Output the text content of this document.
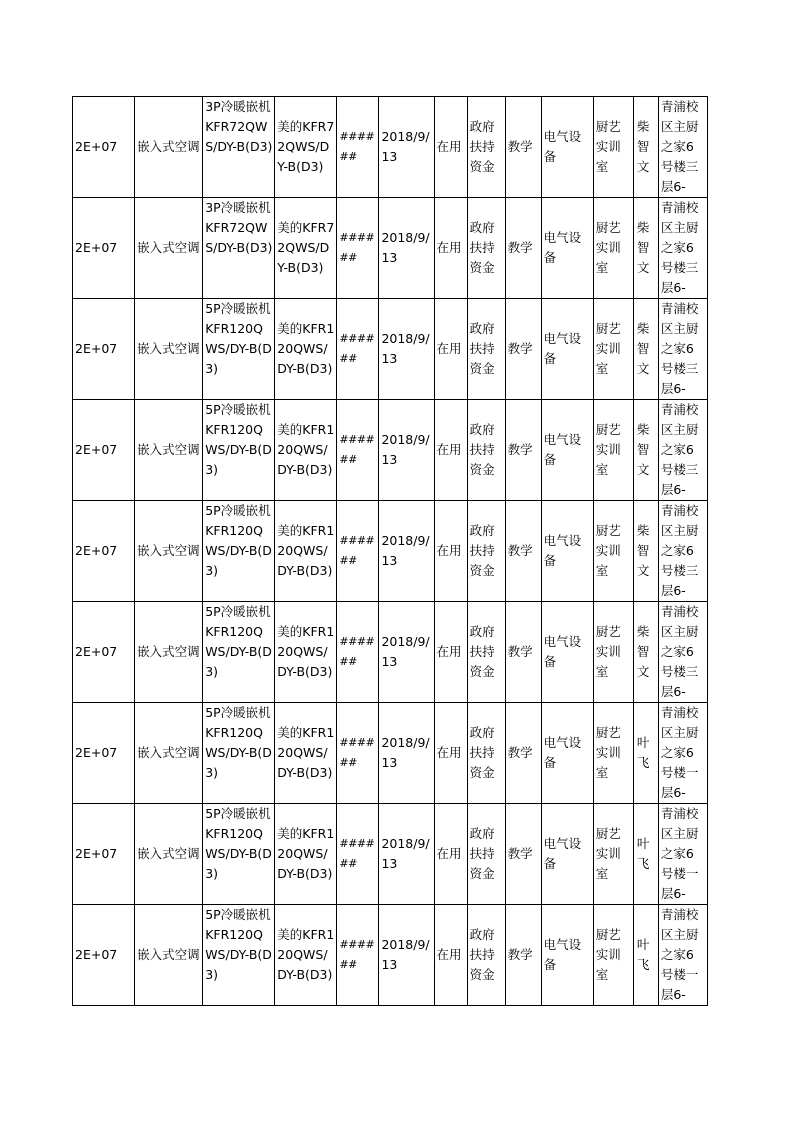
2E+07	嵌入式空调	3P冷暖嵌机KFR72QWS/DY-B(D3)	美的KFR72QWS/DY-B(D3)	######	2018/9/13	在用	政府扶持资金	教学	电气设备	厨艺实训室	柴智文	青浦校区主厨之家6号楼三层6-
2E+07	嵌入式空调	3P冷暖嵌机KFR72QWS/DY-B(D3)	美的KFR72QWS/DY-B(D3)	######	2018/9/13	在用	政府扶持资金	教学	电气设备	厨艺实训室	柴智文	青浦校区主厨之家6号楼三层6-
2E+07	嵌入式空调	5P冷暖嵌机KFR120QWS/DY-B(D3)	美的KFR120QWS/DY-B(D3)	######	2018/9/13	在用	政府扶持资金	教学	电气设备	厨艺实训室	柴智文	青浦校区主厨之家6号楼三层6-
2E+07	嵌入式空调	5P冷暖嵌机KFR120QWS/DY-B(D3)	美的KFR120QWS/DY-B(D3)	######	2018/9/13	在用	政府扶持资金	教学	电气设备	厨艺实训室	柴智文	青浦校区主厨之家6号楼三层6-
2E+07	嵌入式空调	5P冷暖嵌机KFR120QWS/DY-B(D3)	美的KFR120QWS/DY-B(D3)	######	2018/9/13	在用	政府扶持资金	教学	电气设备	厨艺实训室	柴智文	青浦校区主厨之家6号楼三层6-
2E+07	嵌入式空调	5P冷暖嵌机KFR120QWS/DY-B(D3)	美的KFR120QWS/DY-B(D3)	######	2018/9/13	在用	政府扶持资金	教学	电气设备	厨艺实训室	柴智文	青浦校区主厨之家6号楼三层6-
2E+07	嵌入式空调	5P冷暖嵌机KFR120QWS/DY-B(D3)	美的KFR120QWS/DY-B(D3)	######	2018/9/13	在用	政府扶持资金	教学	电气设备	厨艺实训室	叶飞	青浦校区主厨之家6号楼一层6-
2E+07	嵌入式空调	5P冷暖嵌机KFR120QWS/DY-B(D3)	美的KFR120QWS/DY-B(D3)	######	2018/9/13	在用	政府扶持资金	教学	电气设备	厨艺实训室	叶飞	青浦校区主厨之家6号楼一层6-
2E+07	嵌入式空调	5P冷暖嵌机KFR120QWS/DY-B(D3)	美的KFR120QWS/DY-B(D3)	######	2018/9/13	在用	政府扶持资金	教学	电气设备	厨艺实训室	叶飞	青浦校区主厨之家6号楼一层6-
